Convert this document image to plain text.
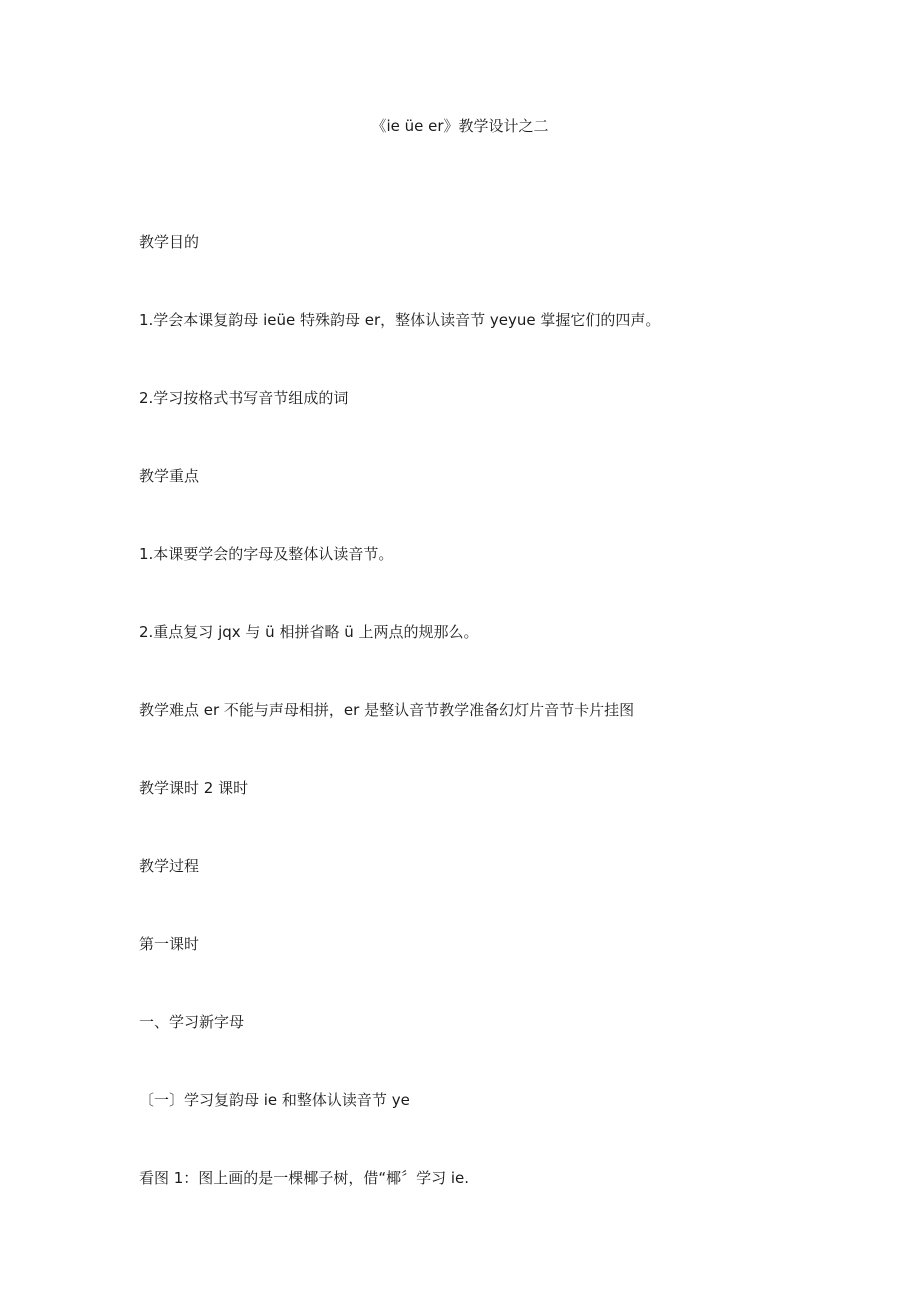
《ie üe er》教学设计之二
教学目的
1.学会本课复韵母 ieüe 特殊韵母 er，整体认读音节 yeyue 掌握它们的四声。
2.学习按格式书写音节组成的词
教学重点
1.本课要学会的字母及整体认读音节。
2.重点复习 jqx 与 ü 相拼省略 ü 上两点的规那么。
教学难点 er 不能与声母相拼，er 是整认音节教学准备幻灯片音节卡片挂图
教学课时 2 课时
教学过程
第一课时
一、学习新字母
〔一〕学习复韵母 ie 和整体认读音节 ye
看图 1：图上画的是一棵椰子树，借“椰〞学习 ie.
